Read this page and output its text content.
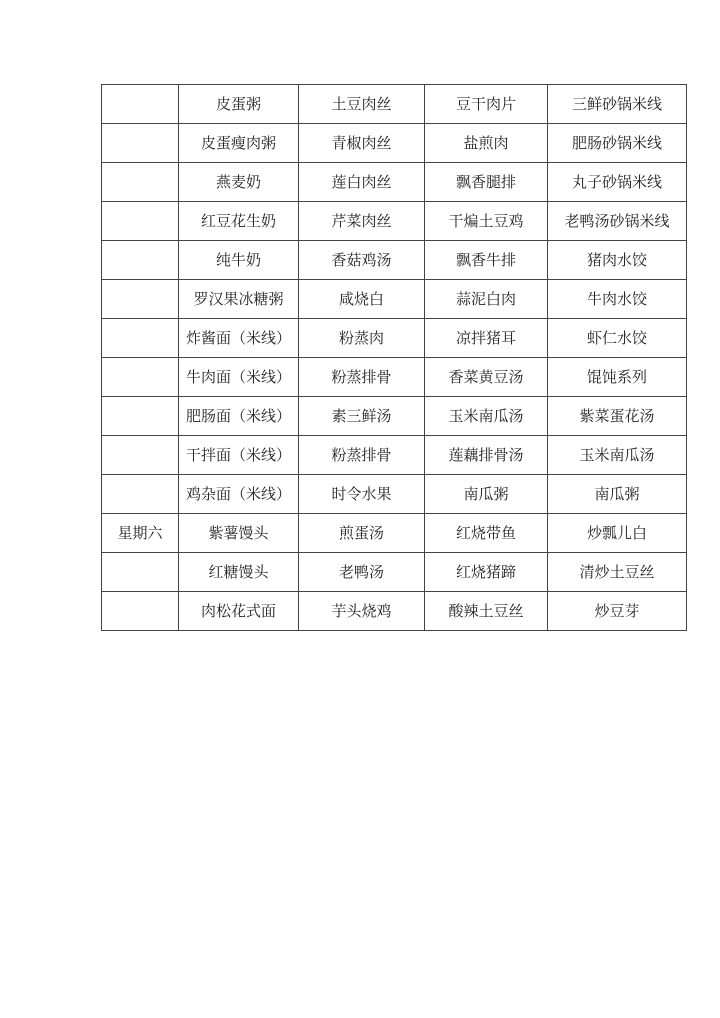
	皮蛋粥	土豆肉丝	豆干肉片	三鲜砂锅米线
	皮蛋瘦肉粥	青椒肉丝	盐煎肉	肥肠砂锅米线
	燕麦奶	莲白肉丝	飘香腿排	丸子砂锅米线
	红豆花生奶	芹菜肉丝	干煸土豆鸡	老鸭汤砂锅米线
	纯牛奶	香菇鸡汤	飘香牛排	猪肉水饺
	罗汉果冰糖粥	咸烧白	蒜泥白肉	牛肉水饺
	炸酱面（米线）	粉蒸肉	凉拌猪耳	虾仁水饺
	牛肉面（米线）	粉蒸排骨	香菜黄豆汤	馄饨系列
	肥肠面（米线）	素三鲜汤	玉米南瓜汤	紫菜蛋花汤
	干拌面（米线）	粉蒸排骨	莲藕排骨汤	玉米南瓜汤
	鸡杂面（米线）	时令水果	南瓜粥	南瓜粥
星期六	紫薯馒头	煎蛋汤	红烧带鱼	炒瓢儿白
	红糖馒头	老鸭汤	红烧猪蹄	清炒土豆丝
	肉松花式面	芋头烧鸡	酸辣土豆丝	炒豆芽
